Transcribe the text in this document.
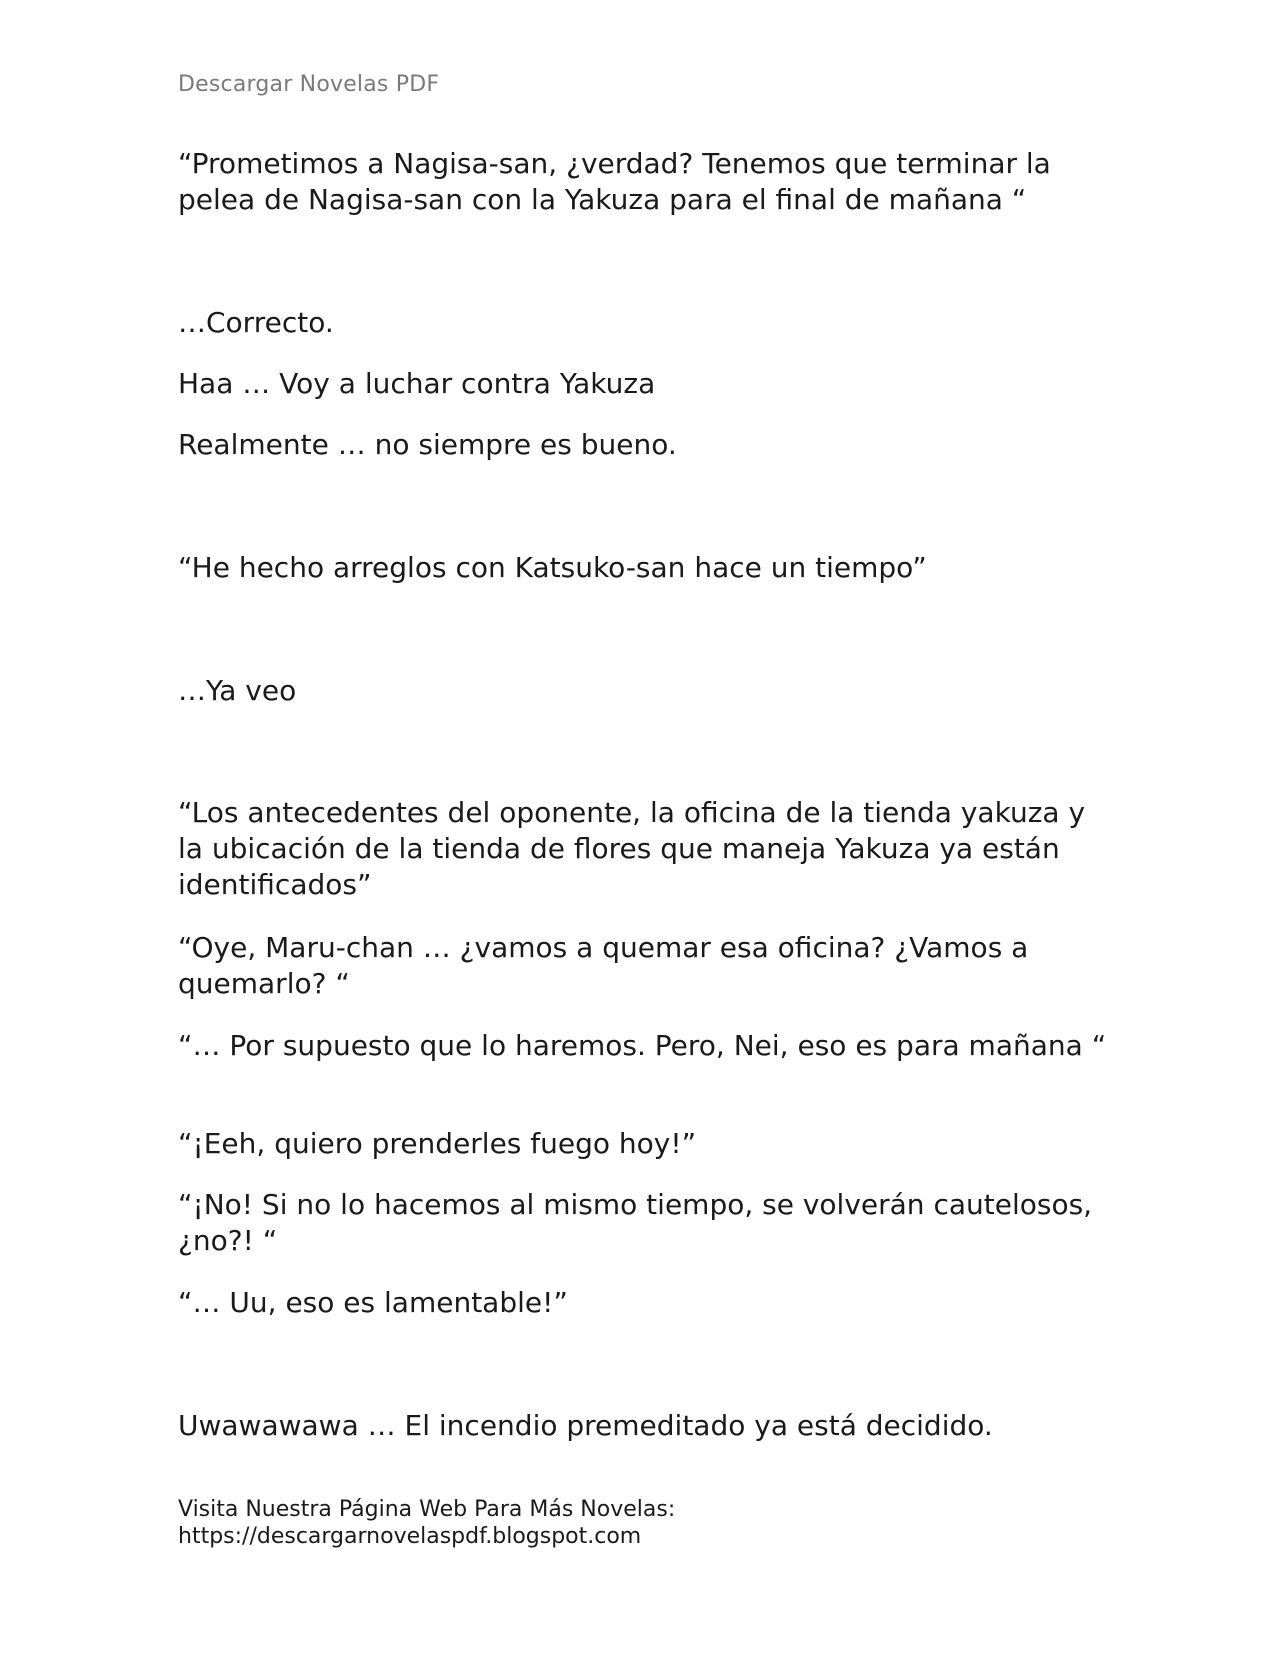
Descargar Novelas PDF

“Prometimos a Nagisa-san, ¿verdad? Tenemos que terminar la pelea de Nagisa-san con la Yakuza para el final de mañana “

…Correcto.

Haa … Voy a luchar contra Yakuza

Realmente … no siempre es bueno.

“He hecho arreglos con Katsuko-san hace un tiempo”

…Ya veo

“Los antecedentes del oponente, la oficina de la tienda yakuza y la ubicación de la tienda de flores que maneja Yakuza ya están identificados”

“Oye, Maru-chan … ¿vamos a quemar esa oficina? ¿Vamos a quemarlo? “

“… Por supuesto que lo haremos. Pero, Nei, eso es para mañana “

“¡Eeh, quiero prenderles fuego hoy!”

“¡No! Si no lo hacemos al mismo tiempo, se volverán cautelosos, ¿no?! “

“… Uu, eso es lamentable!”

Uwawawawa … El incendio premeditado ya está decidido.

Visita Nuestra Página Web Para Más Novelas:
https://descargarnovelaspdf.blogspot.com
